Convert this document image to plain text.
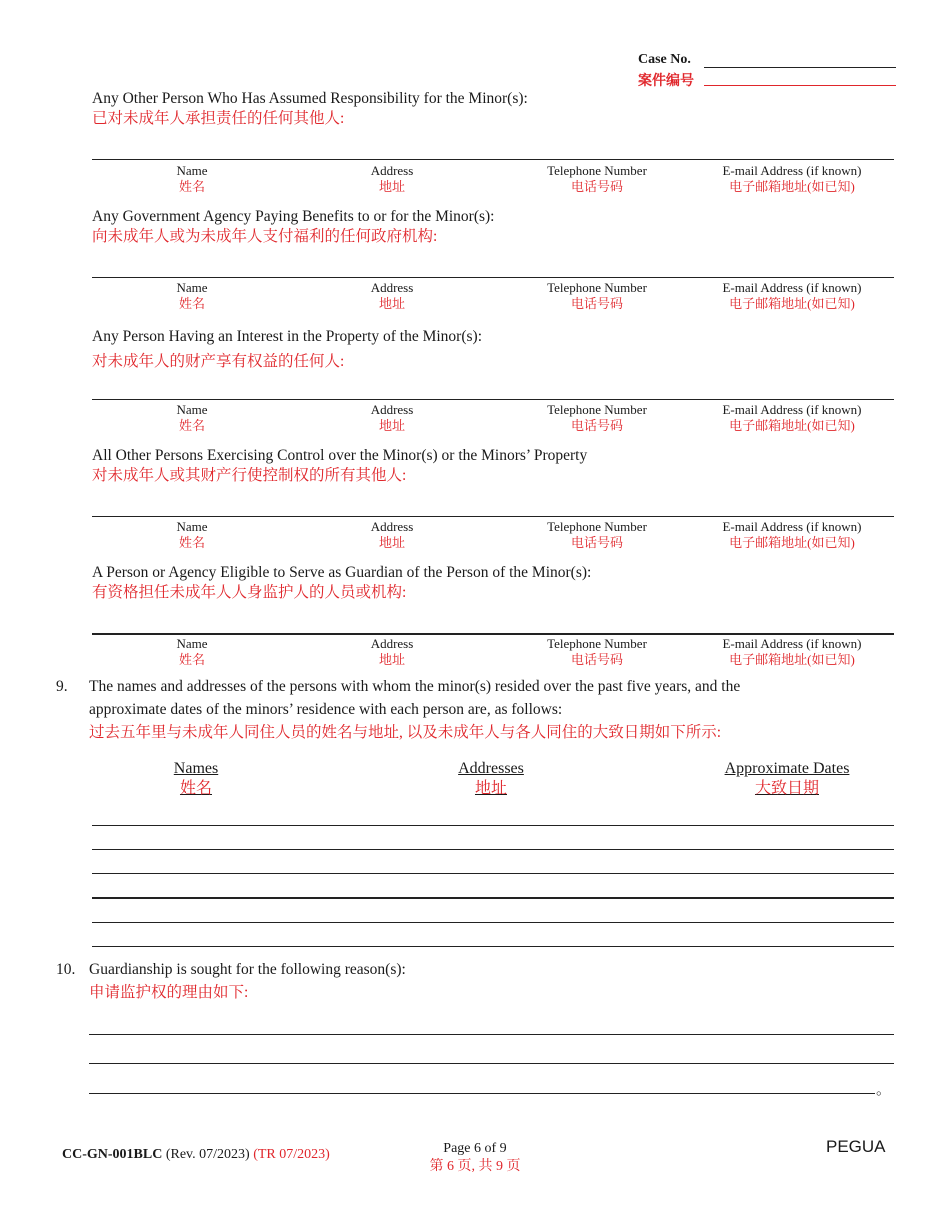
Case No.
案件编号
Any Other Person Who Has Assumed Responsibility for the Minor(s):
已对未成年人承担责任的任何其他人:
Name
姓名
Address
地址
Telephone Number
电话号码
E-mail Address (if known)
电子邮箱地址(如已知)
Any Government Agency Paying Benefits to or for the Minor(s):
向未成年人或为未成年人支付福利的任何政府机构:
Name
姓名
Address
地址
Telephone Number
电话号码
E-mail Address (if known)
电子邮箱地址(如已知)
Any Person Having an Interest in the Property of the Minor(s):
对未成年人的财产享有权益的任何人:
Name
姓名
Address
地址
Telephone Number
电话号码
E-mail Address (if known)
电子邮箱地址(如已知)
All Other Persons Exercising Control over the Minor(s) or the Minors’ Property
对未成年人或其财产行使控制权的所有其他人:
Name
姓名
Address
地址
Telephone Number
电话号码
E-mail Address (if known)
电子邮箱地址(如已知)
A Person or Agency Eligible to Serve as Guardian of the Person of the Minor(s):
有资格担任未成年人人身监护人的人员或机构:
Name
姓名
Address
地址
Telephone Number
电话号码
E-mail Address (if known)
电子邮箱地址(如已知)
9. The names and addresses of the persons with whom the minor(s) resided over the past five years, and the
approximate dates of the minors’ residence with each person are, as follows:
过去五年里与未成年人同住人员的姓名与地址, 以及未成年人与各人同住的大致日期如下所示:
Names
姓名
Addresses
地址
Approximate Dates
大致日期
10. Guardianship is sought for the following reason(s):
申请监护权的理由如下:
。
CC-GN-001BLC (Rev. 07/2023) (TR 07/2023)	Page 6 of 9
第 6 页, 共 9 页
PEGUA
